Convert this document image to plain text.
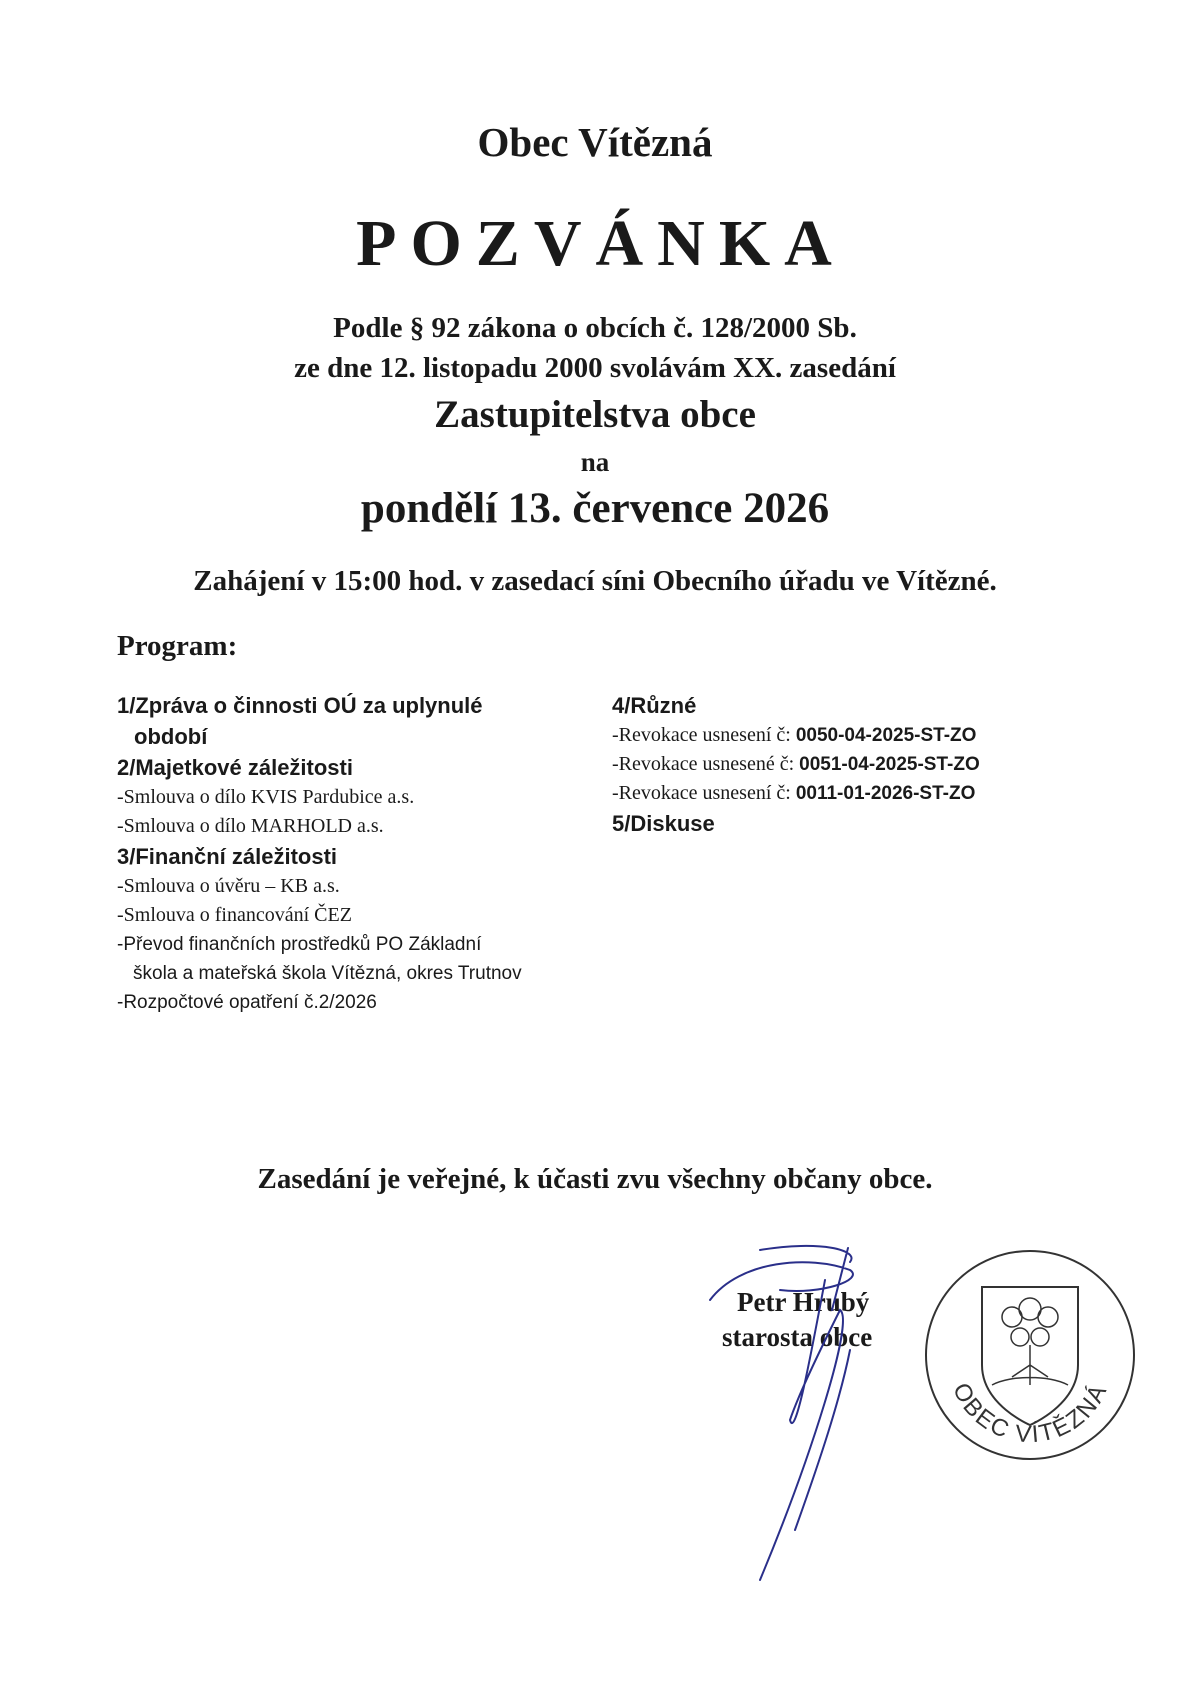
Obec Vítězná
POZVÁNKA
Podle § 92 zákona o obcích č. 128/2000 Sb.
ze dne 12. listopadu 2000 svolávám XX. zasedání
Zastupitelstva obce
na
pondělí 13. července 2026
Zahájení v 15:00 hod. v zasedací síni Obecního úřadu ve Vítězné.
Program:
1/Zpráva o činnosti OÚ za uplynulé
období
2/Majetkové záležitosti
-Smlouva o dílo KVIS Pardubice a.s.
-Smlouva o dílo MARHOLD a.s.
3/Finanční záležitosti
-Smlouva o úvěru – KB a.s.
-Smlouva o financování ČEZ
-Převod finančních prostředků PO Základní
škola a mateřská škola Vítězná, okres Trutnov
-Rozpočtové opatření č.2/2026
4/Různé
-Revokace usnesení č: 0050-04-2025-ST-ZO
-Revokace usnesené č: 0051-04-2025-ST-ZO
-Revokace usnesení č: 0011-01-2026-ST-ZO
5/Diskuse
Zasedání je veřejné, k účasti zvu všechny občany obce.
Petr Hrubý
starosta obce
OBEC VÍTĚZNÁ
